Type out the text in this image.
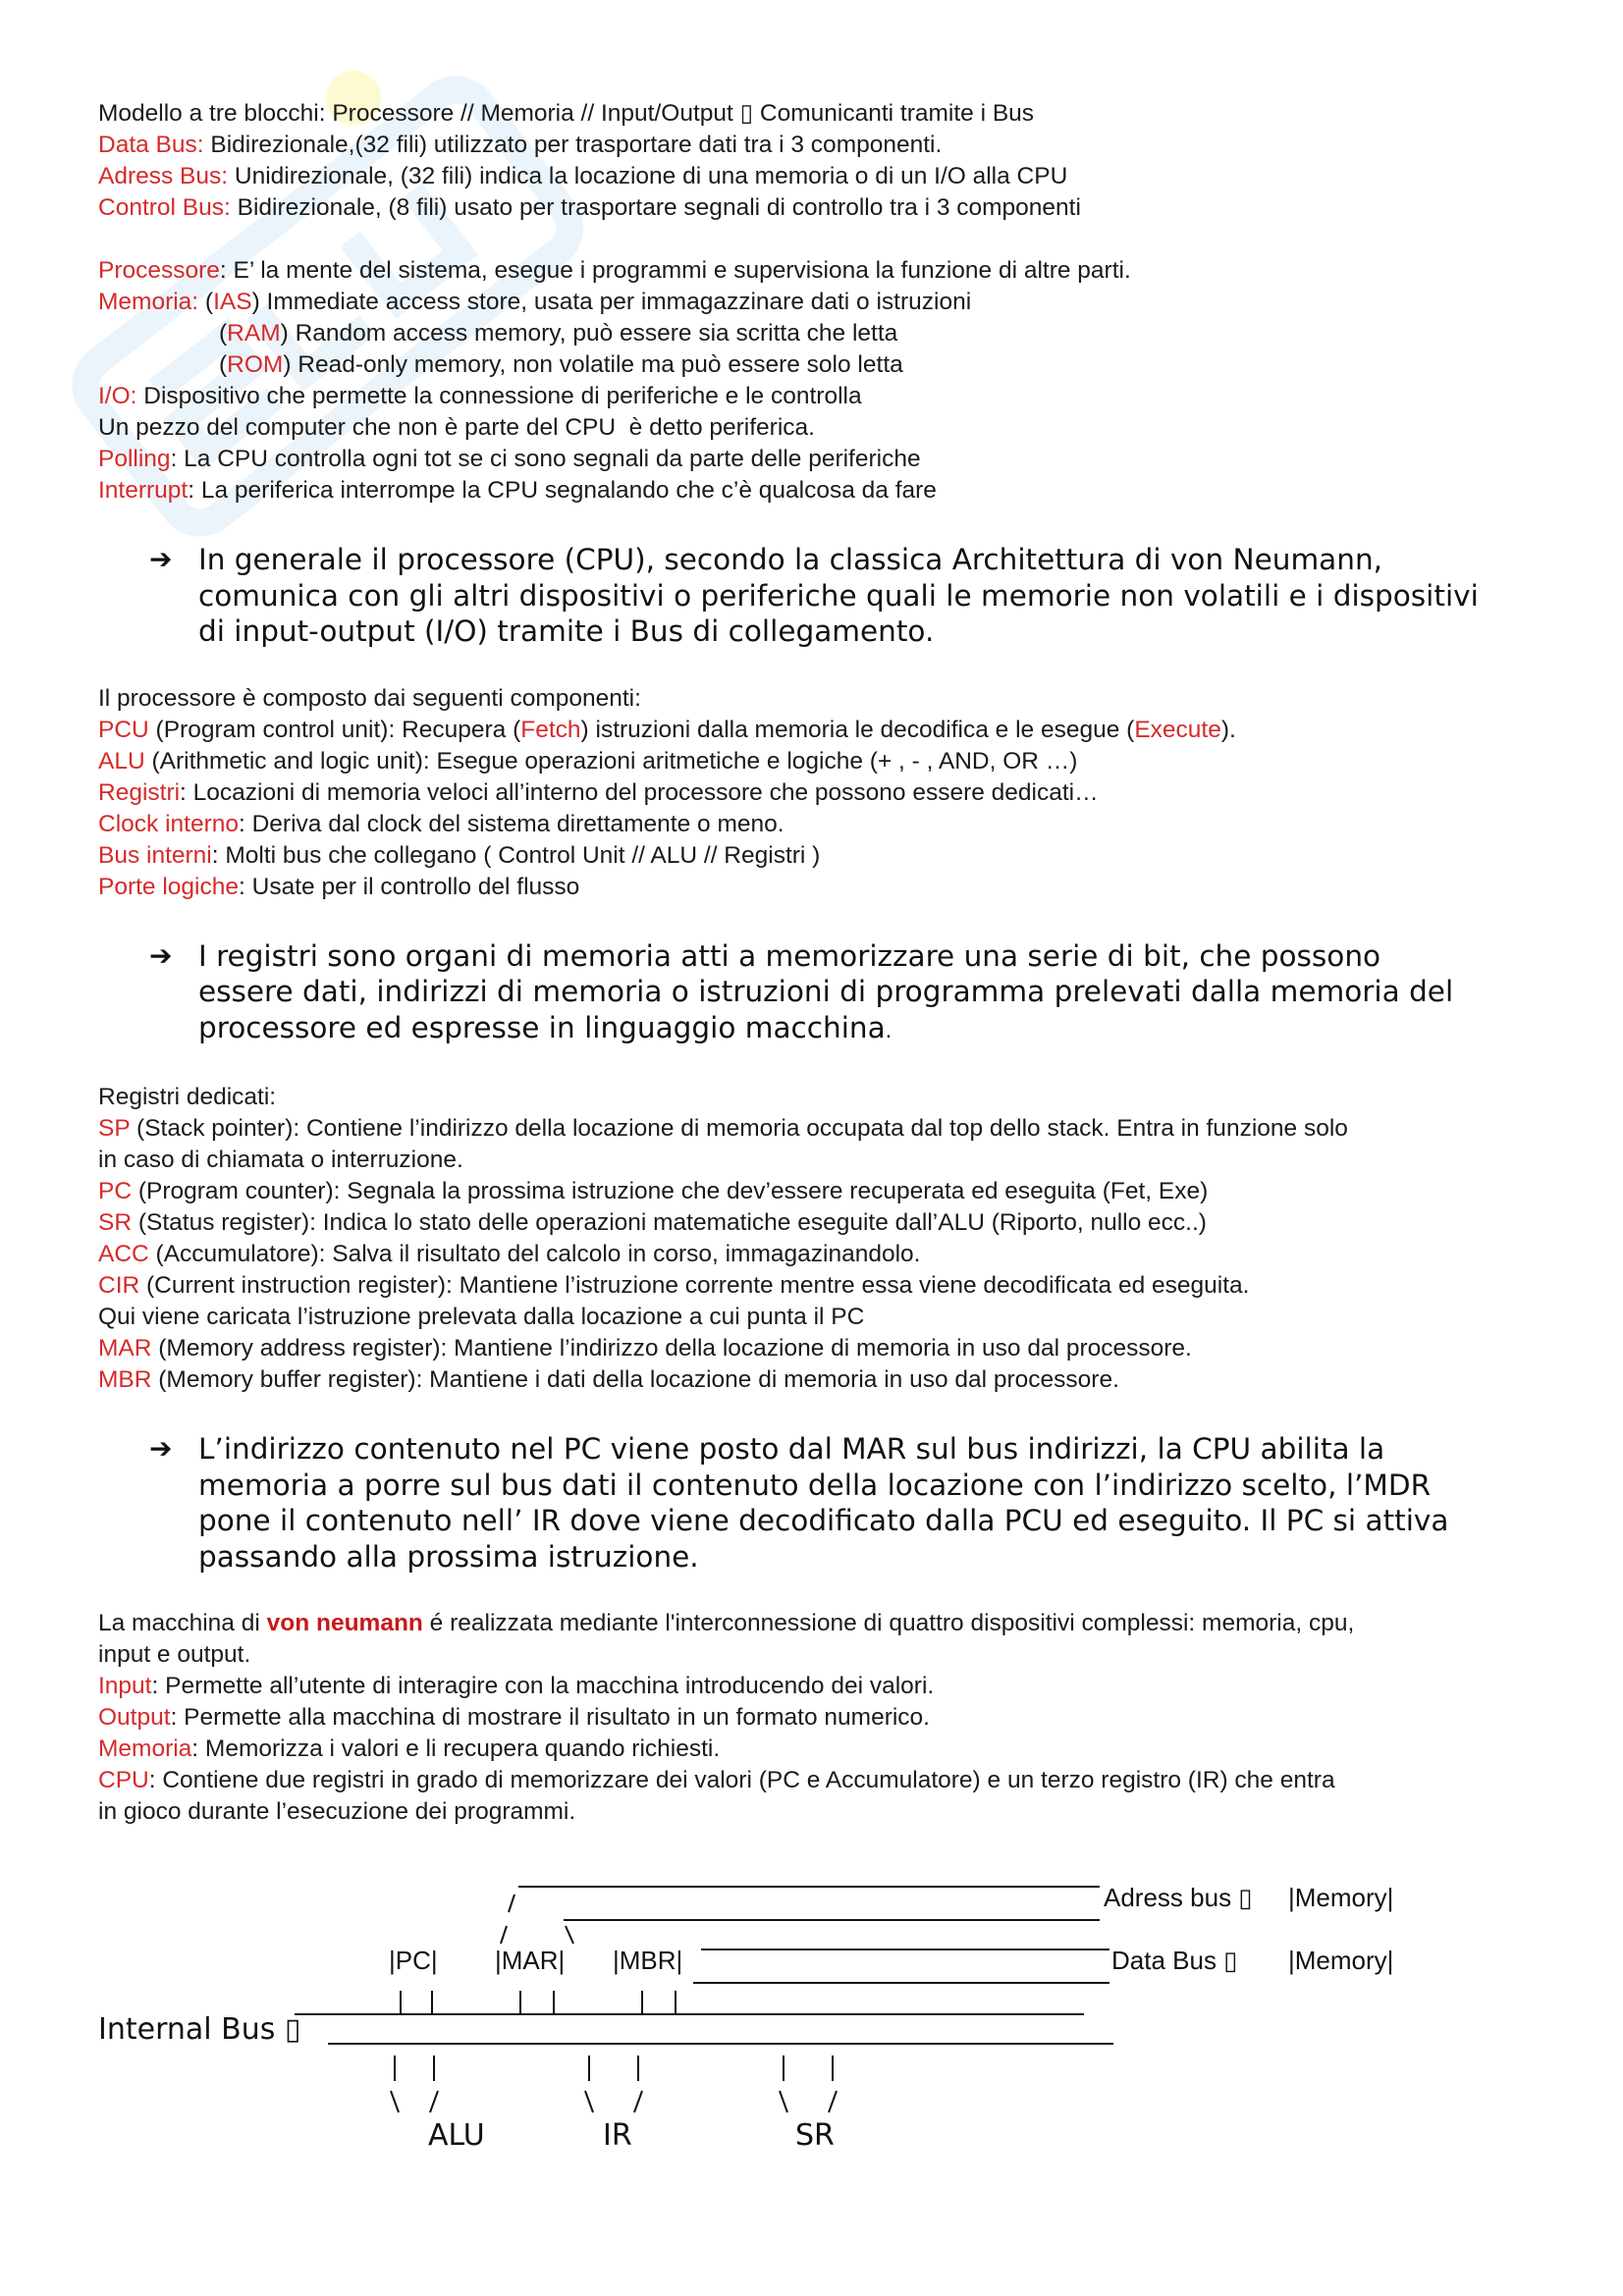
Modello a tre blocchi: Processore // Memoria // Input/Output ▯ Comunicanti tramite i Bus
Data Bus: Bidirezionale,(32 fili) utilizzato per trasportare dati tra i 3 componenti.
Adress Bus: Unidirezionale, (32 fili) indica la locazione di una memoria o di un I/O alla CPU
Control Bus: Bidirezionale, (8 fili) usato per trasportare segnali di controllo tra i 3 componenti
Processore: E’ la mente del sistema, esegue i programmi e supervisiona la funzione di altre parti.
Memoria: (IAS) Immediate access store, usata per immagazzinare dati o istruzioni
(RAM) Random access memory, può essere sia scritta che letta
(ROM) Read-only memory, non volatile ma può essere solo letta
I/O: Dispositivo che permette la connessione di periferiche e le controlla
Un pezzo del computer che non è parte del CPU  è detto periferica.
Polling: La CPU controlla ogni tot se ci sono segnali da parte delle periferiche
Interrupt: La periferica interrompe la CPU segnalando che c’è qualcosa da fare
➔ In generale il processore (CPU), secondo la classica Architettura di von Neumann,
comunica con gli altri dispositivi o periferiche quali le memorie non volatili e i dispositivi
di input-output (I/O) tramite i Bus di collegamento.
Il processore è composto dai seguenti componenti:
PCU (Program control unit): Recupera (Fetch) istruzioni dalla memoria le decodifica e le esegue (Execute).
ALU (Arithmetic and logic unit): Esegue operazioni aritmetiche e logiche (+ , - , AND, OR …)
Registri: Locazioni di memoria veloci all’interno del processore che possono essere dedicati…
Clock interno: Deriva dal clock del sistema direttamente o meno.
Bus interni: Molti bus che collegano ( Control Unit // ALU // Registri )
Porte logiche: Usate per il controllo del flusso
➔ I registri sono organi di memoria atti a memorizzare una serie di bit, che possono
essere dati, indirizzi di memoria o istruzioni di programma prelevati dalla memoria del
processore ed espresse in linguaggio macchina.
Registri dedicati:
SP (Stack pointer): Contiene l’indirizzo della locazione di memoria occupata dal top dello stack. Entra in funzione solo
in caso di chiamata o interruzione.
PC (Program counter): Segnala la prossima istruzione che dev’essere recuperata ed eseguita (Fet, Exe)
SR (Status register): Indica lo stato delle operazioni matematiche eseguite dall’ALU (Riporto, nullo ecc..)
ACC (Accumulatore): Salva il risultato del calcolo in corso, immagazinandolo.
CIR (Current instruction register): Mantiene l’istruzione corrente mentre essa viene decodificata ed eseguita.
Qui viene caricata l’istruzione prelevata dalla locazione a cui punta il PC
MAR (Memory address register): Mantiene l’indirizzo della locazione di memoria in uso dal processore.
MBR (Memory buffer register): Mantiene i dati della locazione di memoria in uso dal processore.
➔ L’indirizzo contenuto nel PC viene posto dal MAR sul bus indirizzi, la CPU abilita la
memoria a porre sul bus dati il contenuto della locazione con l’indirizzo scelto, l’MDR
pone il contenuto nell’ IR dove viene decodificato dalla PCU ed eseguito. Il PC si attiva
passando alla prossima istruzione.
La macchina di von neumann é realizzata mediante l'interconnessione di quattro dispositivi complessi: memoria, cpu,
input e output.
Input: Permette all’utente di interagire con la macchina introducendo dei valori.
Output: Permette alla macchina di mostrare il risultato in un formato numerico.
Memoria: Memorizza i valori e li recupera quando richiesti.
CPU: Contiene due registri in grado di memorizzare dei valori (PC e Accumulatore) e un terzo registro (IR) che entra
in gioco durante l’esecuzione dei programmi.
Adress bus ▯ |Memory|
|PC| |MAR| |MBR|	Data Bus ▯ |Memory|
Internal Bus ▯
ALU	IR	SR
